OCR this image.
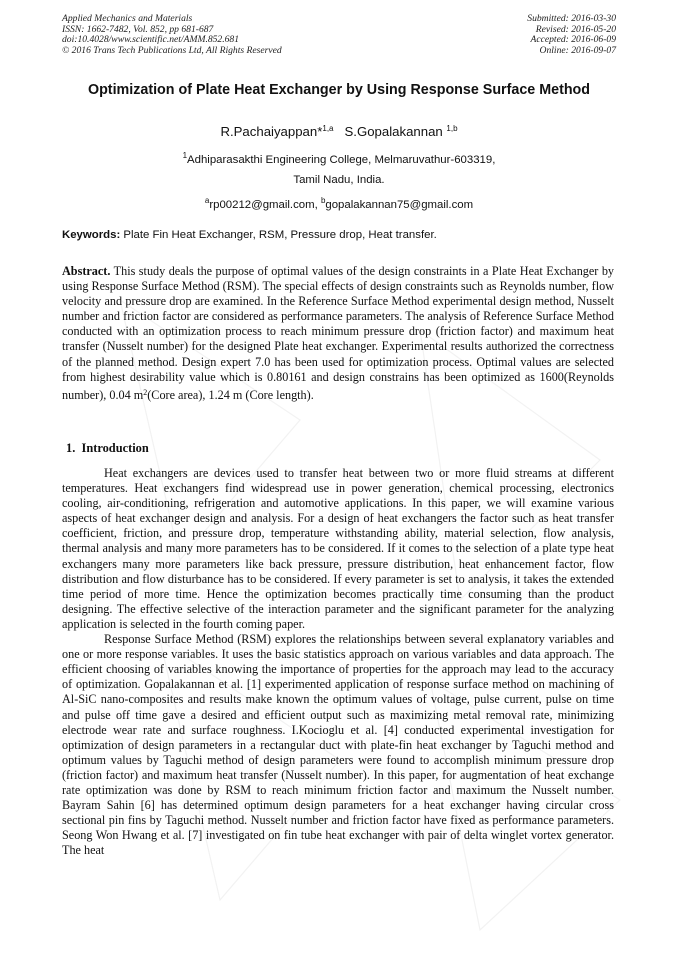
Applied Mechanics and Materials
ISSN: 1662-7482, Vol. 852, pp 681-687
doi:10.4028/www.scientific.net/AMM.852.681
© 2016 Trans Tech Publications Ltd, All Rights Reserved
Submitted: 2016-03-30
Revised: 2016-05-20
Accepted: 2016-06-09
Online: 2016-09-07
Optimization of Plate Heat Exchanger by Using Response Surface Method
R.Pachaiyappan*$^{1,a}$ S.Gopalakannan $^{1,b}$
$^1$Adhiparasakthi Engineering College, Melmaruvathur-603319,
Tamil Nadu, India.
$^a$rp00212@gmail.com, $^b$gopalakannan75@gmail.com
Keywords: Plate Fin Heat Exchanger, RSM, Pressure drop, Heat transfer.

Abstract. This study deals the purpose of optimal values of the design constraints in a Plate Heat Exchanger by using Response Surface Method (RSM). The special effects of design constraints such as Reynolds number, flow velocity and pressure drop are examined. In the Reference Surface Method experimental design method, Nusselt number and friction factor are considered as performance parameters. The analysis of Reference Surface Method conducted with an optimization process to reach minimum pressure drop (friction factor) and maximum heat transfer (Nusselt number) for the designed Plate heat exchanger. Experimental results authorized the correctness of the planned method. Design expert 7.0 has been used for optimization process. Optimal values are selected from highest desirability value which is 0.80161 and design constrains has been optimized as 1600(Reynolds number), 0.04 $m^2(Core$ area), 1.24 m (Core length).

1. Introduction

Heat exchangers are devices used to transfer heat between two or more fluid streams at different temperatures. Heat exchangers find widespread use in power generation, chemical processing, electronics cooling, air-conditioning, refrigeration and automotive applications. In this paper, we will examine various aspects of heat exchanger design and analysis. For a design of heat exchangers the factor such as heat transfer coefficient, friction, and pressure drop, temperature withstanding ability, material selection, flow analysis, thermal analysis and many more parameters has to be considered. If it comes to the selection of a plate type heat exchangers many more parameters like back pressure, pressure distribution, heat enhancement factor, flow distribution and flow disturbance has to be considered. If every parameter is set to analysis, it takes the extended time period of more time. Hence the optimization becomes practically time consuming than the product designing. The effective selective of the interaction parameter and the significant parameter for the analyzing application is selected in the fourth coming paper.

Response Surface Method (RSM) explores the relationships between several explanatory variables and one or more response variables. It uses the basic statistics approach on various variables and data approach. The efficient choosing of variables knowing the importance of properties for the approach may lead to the accuracy of optimization. Gopalakannan et al. [1] experimented application of response surface method on machining of Al-SiC nano-composites and results make known the optimum values of voltage, pulse current, pulse on time and pulse off time gave a desired and efficient output such as maximizing metal removal rate, minimizing electrode wear rate and surface roughness. I.Kocioglu et al. [4] conducted experimental investigation for optimization of design parameters in a rectangular duct with plate-fin heat exchanger by Taguchi method and optimum values by Taguchi method of design parameters were found to accomplish minimum pressure drop (friction factor) and maximum heat transfer (Nusselt number). In this paper, for augmentation of heat exchange rate optimization was done by RSM to reach minimum friction factor and maximum the Nusselt number. Bayram Sahin [6] has determined optimum design parameters for a heat exchanger having circular cross sectional pin fins by Taguchi method. Nusselt number and friction factor have fixed as performance parameters. Seong Won Hwang et al. [7] investigated on fin tube heat exchanger with pair of delta winglet vortex generator. The heat
